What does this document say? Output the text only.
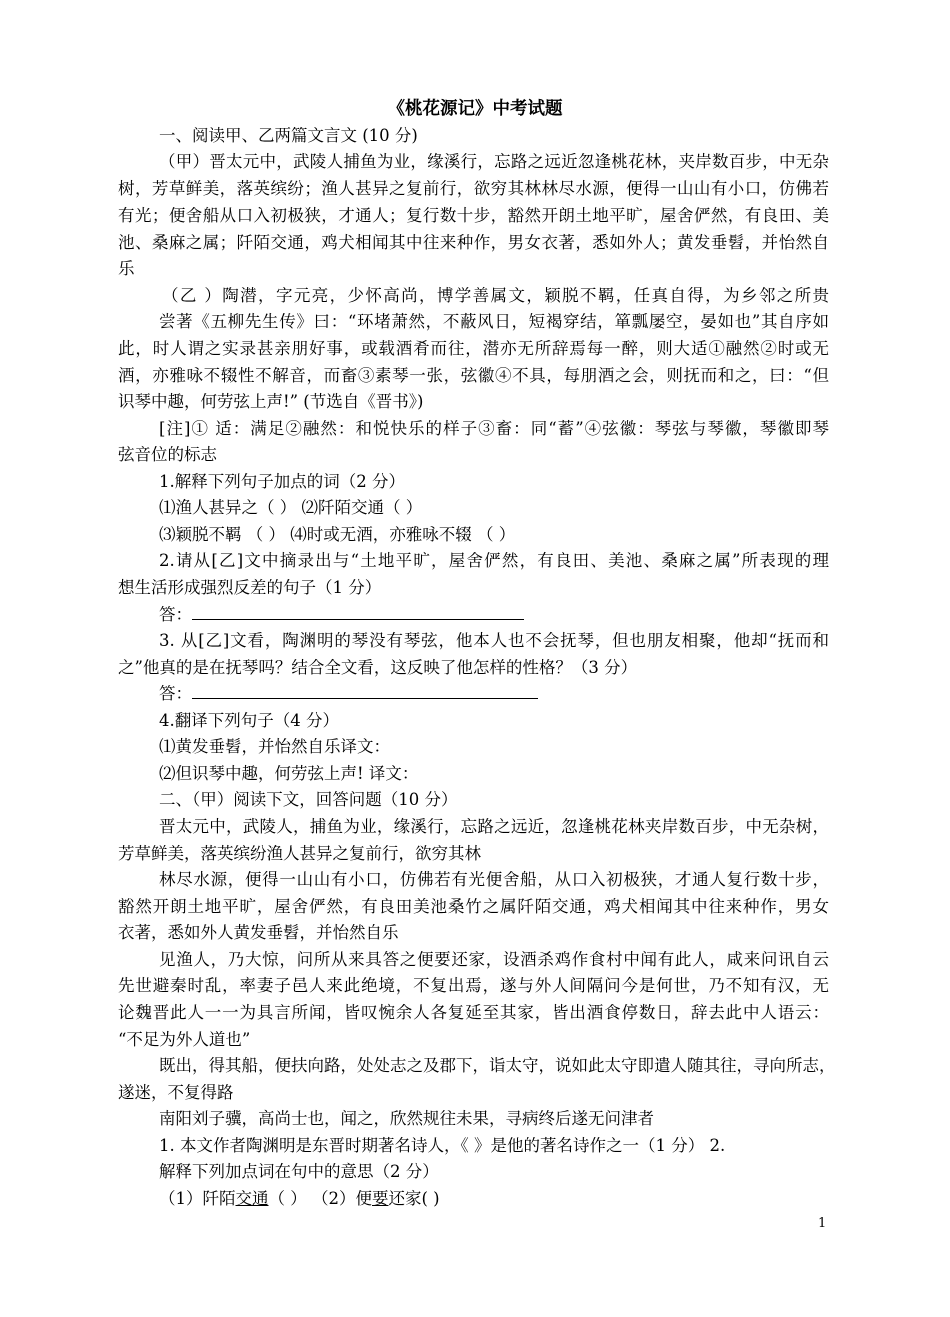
《桃花源记》中考试题
一、阅读甲、乙两篇文言文 (10 分)
（甲）晋太元中，武陵人捕鱼为业，缘溪行，忘路之远近忽逢桃花林，夹岸数百步，中无杂
树，芳草鲜美，落英缤纷；渔人甚异之复前行，欲穷其林林尽水源，便得一山山有小口，仿佛若
有光；便舍船从口入初极狭，才通人；复行数十步，豁然开朗土地平旷，屋舍俨然，有良田、美
池、桑麻之属；阡陌交通，鸡犬相闻其中往来种作，男女衣著，悉如外人；黄发垂髫，并怡然自
乐
（乙 ）陶潜，字元亮，少怀高尚，博学善属文，颖脱不羁，任真自得，为乡邻之所贵
尝著《五柳先生传》曰：“环堵萧然，不蔽风日，短褐穿结，箪瓢屡空，晏如也”其自序如
此，时人谓之实录甚亲朋好事，或载酒肴而往，潜亦无所辞焉每一醉，则大适①融然②时或无
酒，亦雅咏不辍性不解音，而畜③素琴一张，弦徽④不具，每朋酒之会，则抚而和之，曰：“但
识琴中趣，何劳弦上声!” (节选自《晋书》)
[注]① 适：满足②融然：和悦快乐的样子③畜：同“蓄”④弦徽：琴弦与琴徽，琴徽即琴
弦音位的标志
1.解释下列句子加点的词（2 分）
⑴渔人甚异之（ ） ⑵阡陌交通（ ）
⑶颖脱不羁 （ ） ⑷时或无酒，亦雅咏不辍 （ ）
2.请从[乙]文中摘录出与“土地平旷，屋舍俨然，有良田、美池、桑麻之属”所表现的理
想生活形成强烈反差的句子（1 分）
答：
3. 从[乙]文看，陶渊明的琴没有琴弦，他本人也不会抚琴，但也朋友相聚，他却“抚而和
之”他真的是在抚琴吗？结合全文看，这反映了他怎样的性格？（3 分）
答：
4.翻译下列句子（4 分）
⑴黄发垂髫，并怡然自乐译文：
⑵但识琴中趣，何劳弦上声! 译文：
二、（甲）阅读下文，回答问题（10 分）
晋太元中，武陵人，捕鱼为业，缘溪行，忘路之远近，忽逢桃花林夹岸数百步，中无杂树，
芳草鲜美，落英缤纷渔人甚异之复前行，欲穷其林
林尽水源，便得一山山有小口，仿佛若有光便舍船，从口入初极狭，才通人复行数十步，
豁然开朗土地平旷，屋舍俨然，有良田美池桑竹之属阡陌交通，鸡犬相闻其中往来种作，男女
衣著，悉如外人黄发垂髫，并怡然自乐
见渔人，乃大惊，问所从来具答之便要还家，设酒杀鸡作食村中闻有此人，咸来问讯自云
先世避秦时乱，率妻子邑人来此绝境，不复出焉，遂与外人间隔问今是何世，乃不知有汉，无
论魏晋此人一一为具言所闻，皆叹惋余人各复延至其家，皆出酒食停数日，辞去此中人语云：
“不足为外人道也”
既出，得其船，便扶向路，处处志之及郡下，诣太守，说如此太守即遣人随其往，寻向所志，
遂迷，不复得路
南阳刘子骥，高尚士也，闻之，欣然规往未果，寻病终后遂无问津者
1. 本文作者陶渊明是东晋时期著名诗人，《 》是他的著名诗作之一（1 分） 2.
解释下列加点词在句中的意思（2 分）
（1）阡陌交通（ ） （2）便要还家( )
1
